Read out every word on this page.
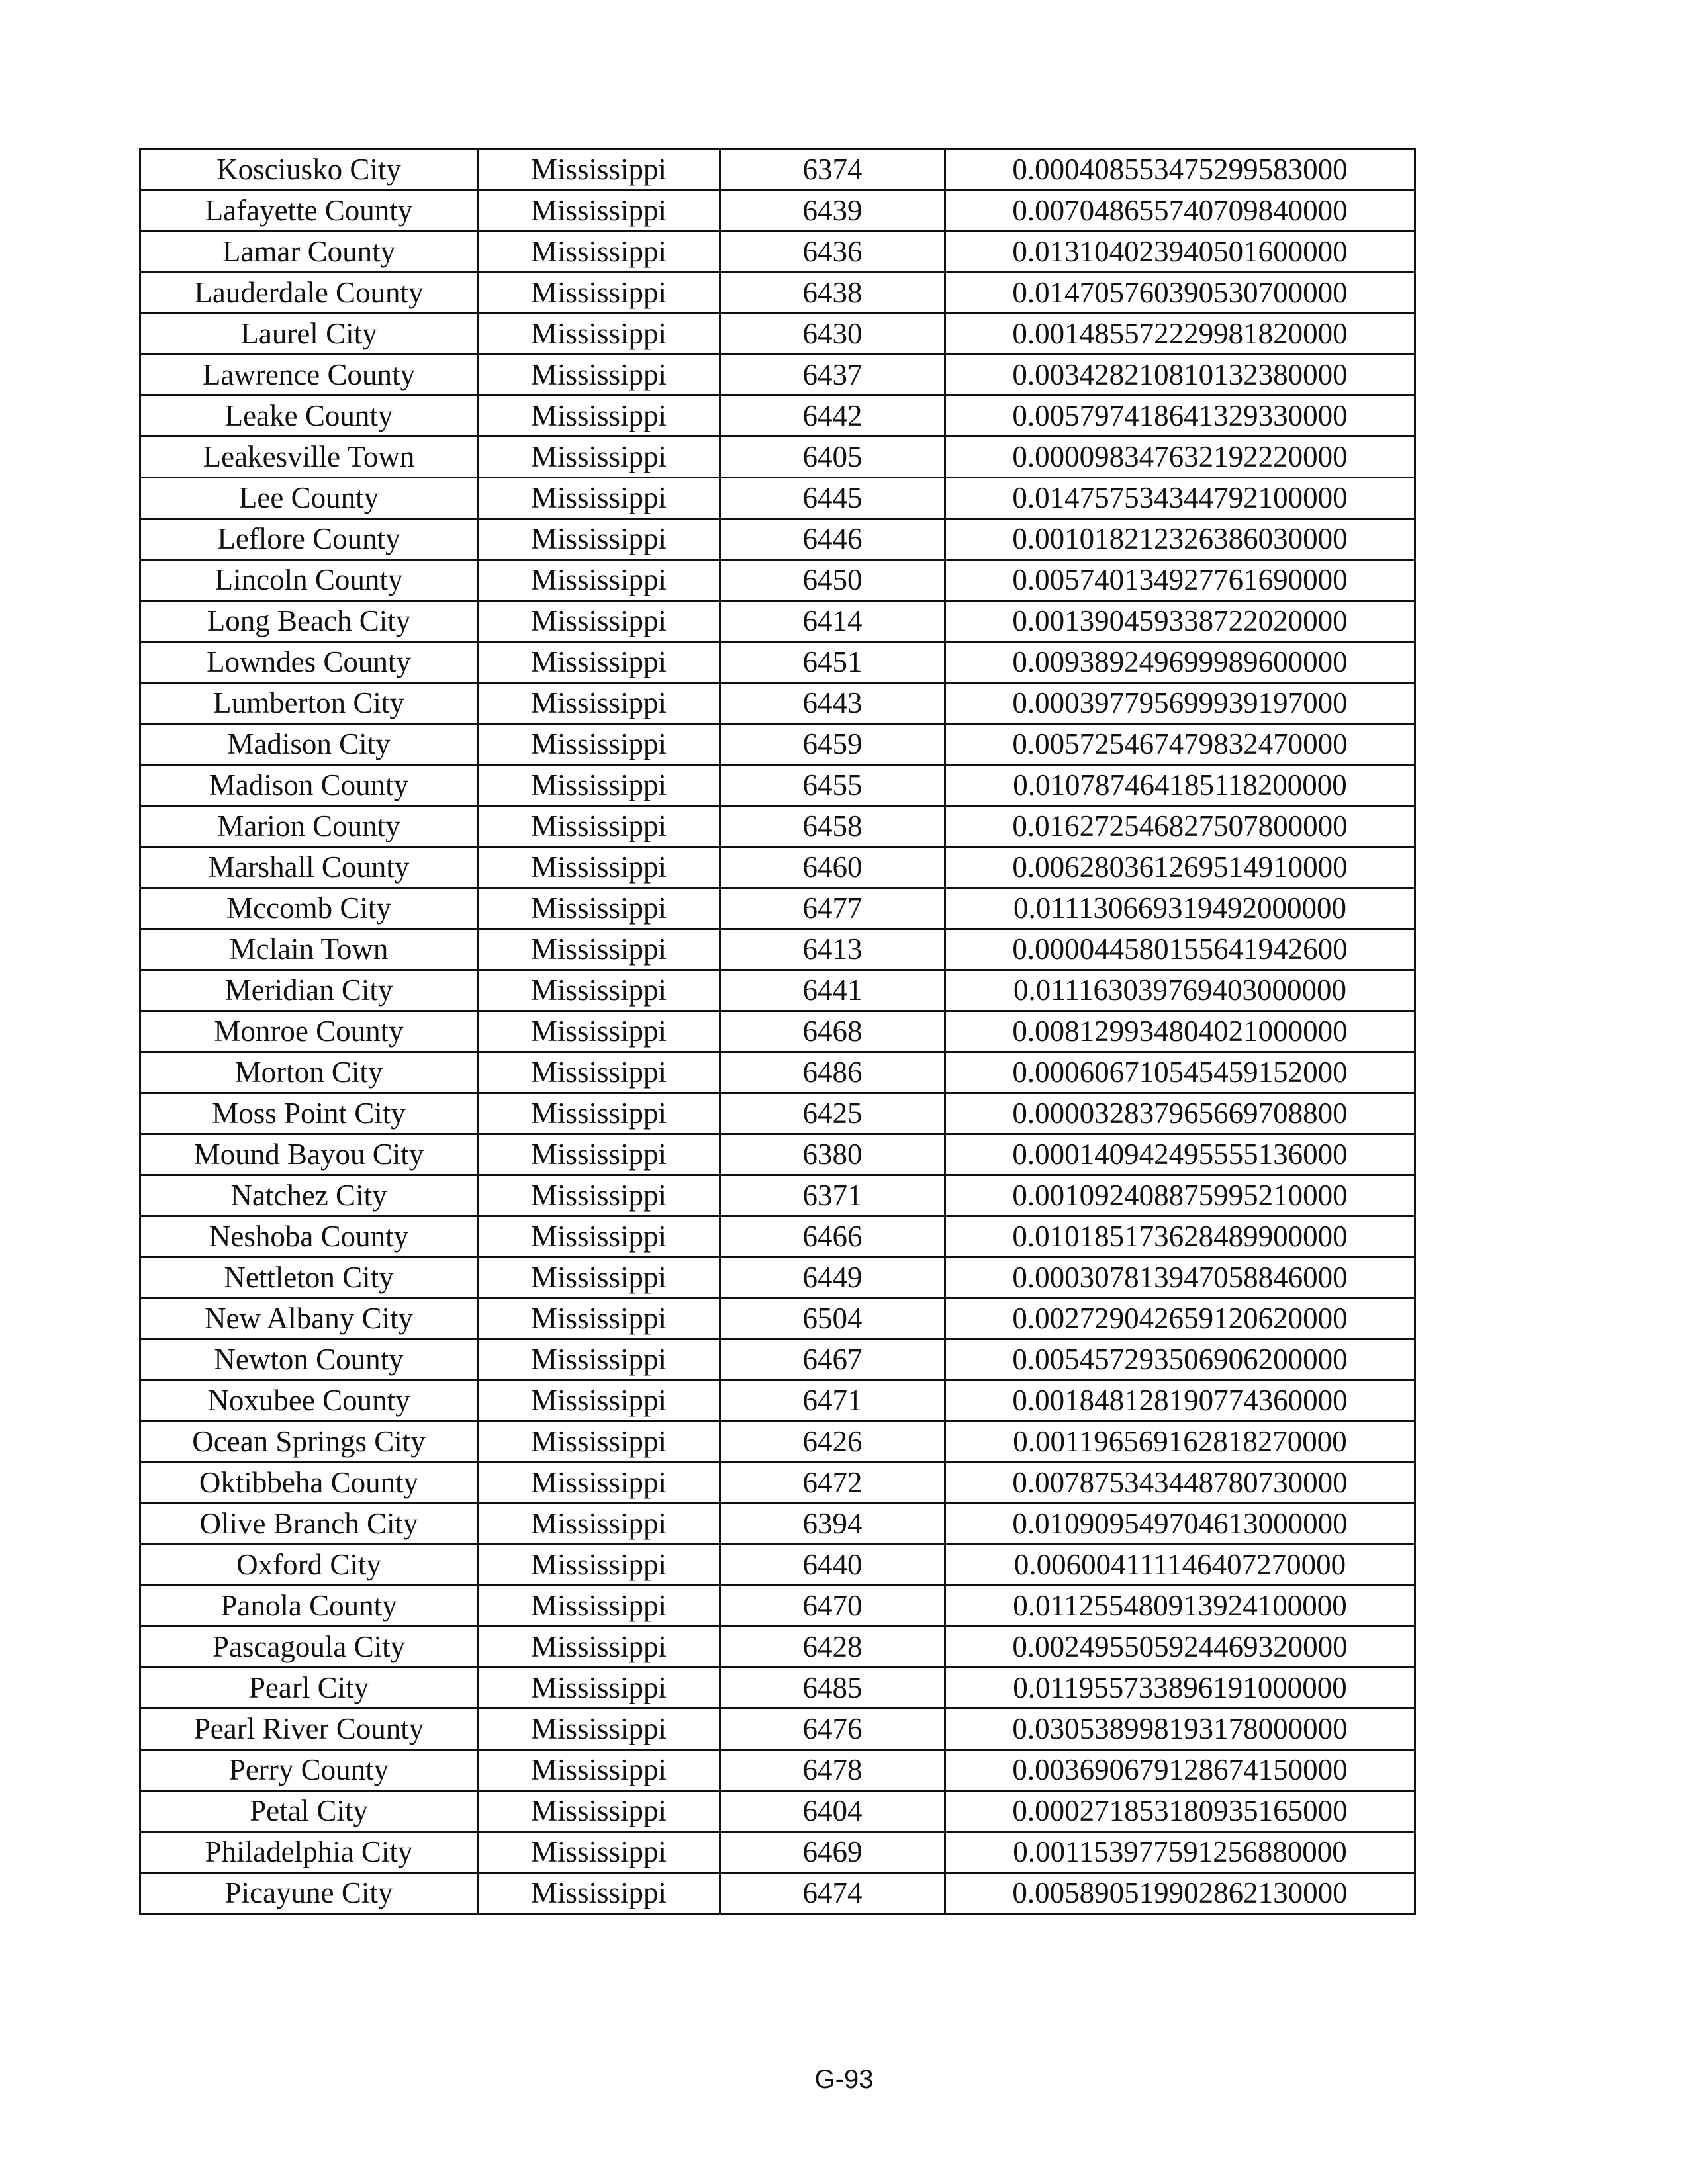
Kosciusko City	Mississippi	6374	0.000408553475299583000
Lafayette County	Mississippi	6439	0.007048655740709840000
Lamar County	Mississippi	6436	0.013104023940501600000
Lauderdale County	Mississippi	6438	0.014705760390530700000
Laurel City	Mississippi	6430	0.001485572229981820000
Lawrence County	Mississippi	6437	0.003428210810132380000
Leake County	Mississippi	6442	0.005797418641329330000
Leakesville Town	Mississippi	6405	0.000098347632192220000
Lee County	Mississippi	6445	0.014757534344792100000
Leflore County	Mississippi	6446	0.001018212326386030000
Lincoln County	Mississippi	6450	0.005740134927761690000
Long Beach City	Mississippi	6414	0.001390459338722020000
Lowndes County	Mississippi	6451	0.009389249699989600000
Lumberton City	Mississippi	6443	0.000397795699939197000
Madison City	Mississippi	6459	0.005725467479832470000
Madison County	Mississippi	6455	0.010787464185118200000
Marion County	Mississippi	6458	0.016272546827507800000
Marshall County	Mississippi	6460	0.006280361269514910000
Mccomb City	Mississippi	6477	0.011130669319492000000
Mclain Town	Mississippi	6413	0.000044580155641942600
Meridian City	Mississippi	6441	0.011163039769403000000
Monroe County	Mississippi	6468	0.008129934804021000000
Morton City	Mississippi	6486	0.000606710545459152000
Moss Point City	Mississippi	6425	0.000032837965669708800
Mound Bayou City	Mississippi	6380	0.000140942495555136000
Natchez City	Mississippi	6371	0.001092408875995210000
Neshoba County	Mississippi	6466	0.010185173628489900000
Nettleton City	Mississippi	6449	0.000307813947058846000
New Albany City	Mississippi	6504	0.002729042659120620000
Newton County	Mississippi	6467	0.005457293506906200000
Noxubee County	Mississippi	6471	0.001848128190774360000
Ocean Springs City	Mississippi	6426	0.001196569162818270000
Oktibbeha County	Mississippi	6472	0.007875343448780730000
Olive Branch City	Mississippi	6394	0.010909549704613000000
Oxford City	Mississippi	6440	0.006004111146407270000
Panola County	Mississippi	6470	0.011255480913924100000
Pascagoula City	Mississippi	6428	0.002495505924469320000
Pearl City	Mississippi	6485	0.011955733896191000000
Pearl River County	Mississippi	6476	0.030538998193178000000
Perry County	Mississippi	6478	0.003690679128674150000
Petal City	Mississippi	6404	0.000271853180935165000
Philadelphia City	Mississippi	6469	0.001153977591256880000
Picayune City	Mississippi	6474	0.005890519902862130000
G-93
